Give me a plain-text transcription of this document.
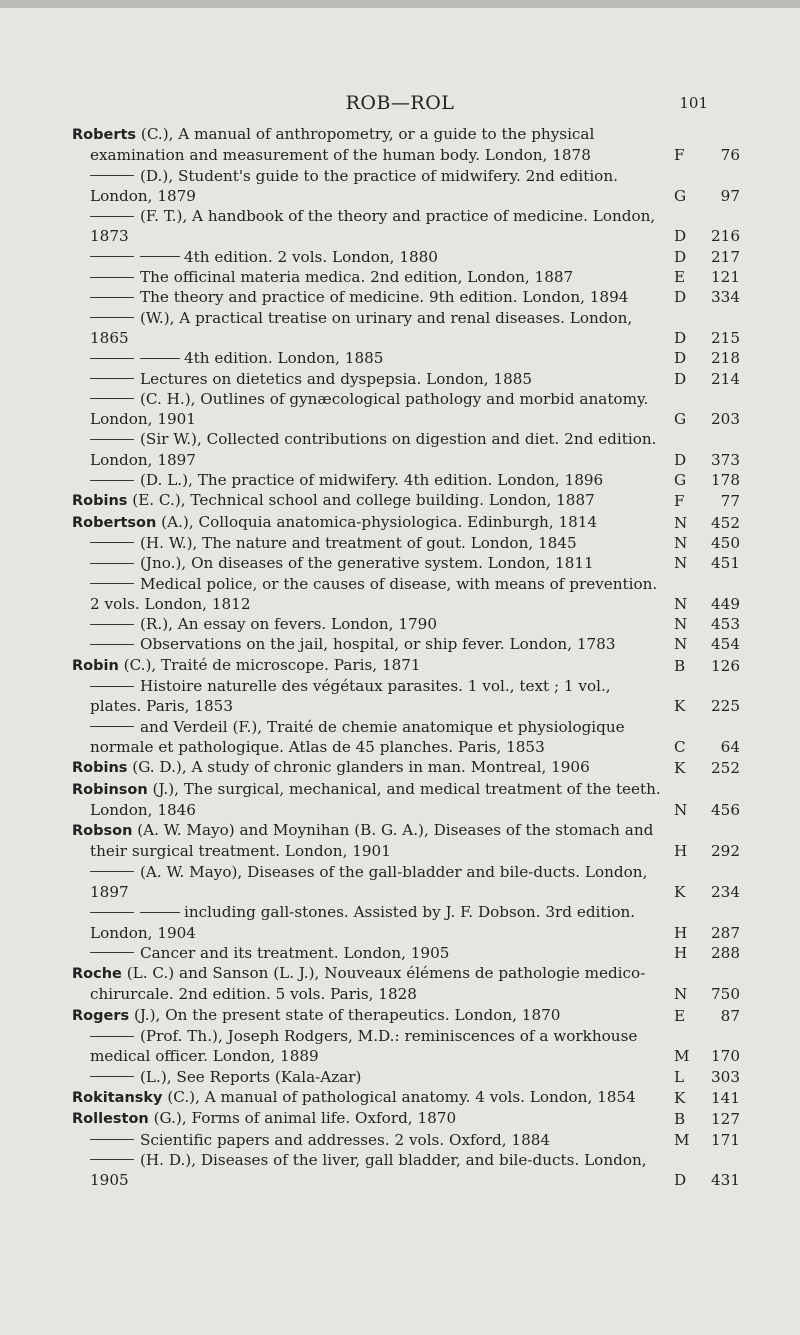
ROB—ROL	101
Roberts (C.), A manual of anthropometry, or a guide to the physical examination and measurement of the human body. London, 1878	F	76
(D.), Student's guide to the practice of midwifery. 2nd edition. London, 1879	G	97
(F. T.), A handbook of the theory and practice of medicine. London, 1873	D	216
4th edition. 2 vols. London, 1880	D	217
The officinal materia medica. 2nd edition, London, 1887	E	121
The theory and practice of medicine. 9th edition. London, 1894	D	334
(W.), A practical treatise on urinary and renal diseases. London, 1865	D	215
4th edition. London, 1885	D	218
Lectures on dietetics and dyspepsia. London, 1885	D	214
(C. H.), Outlines of gynæcological pathology and morbid anatomy. London, 1901	G	203
(Sir W.), Collected contributions on digestion and diet. 2nd edition. London, 1897	D	373
(D. L.), The practice of midwifery. 4th edition. London, 1896	G	178
Robins (E. C.), Technical school and college building. London, 1887	F	77
Robertson (A.), Colloquia anatomica-physiologica. Edinburgh, 1814	N	452
(H. W.), The nature and treatment of gout. London, 1845	N	450
(Jno.), On diseases of the generative system. London, 1811	N	451
Medical police, or the causes of disease, with means of prevention. 2 vols. London, 1812	N	449
(R.), An essay on fevers. London, 1790	N	453
Observations on the jail, hospital, or ship fever. London, 1783	N	454
Robin (C.), Traité de microscope. Paris, 1871	B	126
Histoire naturelle des végétaux parasites. 1 vol., text ; 1 vol., plates. Paris, 1853	K	225
and Verdeil (F.), Traité de chemie anatomique et physiologique normale et pathologique. Atlas de 45 planches. Paris, 1853	C	64
Robins (G. D.), A study of chronic glanders in man. Montreal, 1906	K	252
Robinson (J.), The surgical, mechanical, and medical treatment of the teeth. London, 1846	N	456
Robson (A. W. Mayo) and Moynihan (B. G. A.), Diseases of the stomach and their surgical treatment. London, 1901	H	292
(A. W. Mayo), Diseases of the gall-bladder and bile-ducts. London, 1897	K	234
including gall-stones. Assisted by J. F. Dobson. 3rd edition. London, 1904	H	287
Cancer and its treatment. London, 1905	H	288
Roche (L. C.) and Sanson (L. J.), Nouveaux élémens de pathologie medico-chirurcale. 2nd edition. 5 vols. Paris, 1828	N	750
Rogers (J.), On the present state of therapeutics. London, 1870	E	87
(Prof. Th.), Joseph Rodgers, M.D.: reminiscences of a workhouse medical officer. London, 1889	M	170
(L.), See Reports (Kala-Azar)	L	303
Rokitansky (C.), A manual of pathological anatomy. 4 vols. London, 1854	K	141
Rolleston (G.), Forms of animal life. Oxford, 1870	B	127
Scientific papers and addresses. 2 vols. Oxford, 1884	M	171
(H. D.), Diseases of the liver, gall bladder, and bile-ducts. London, 1905	D	431
